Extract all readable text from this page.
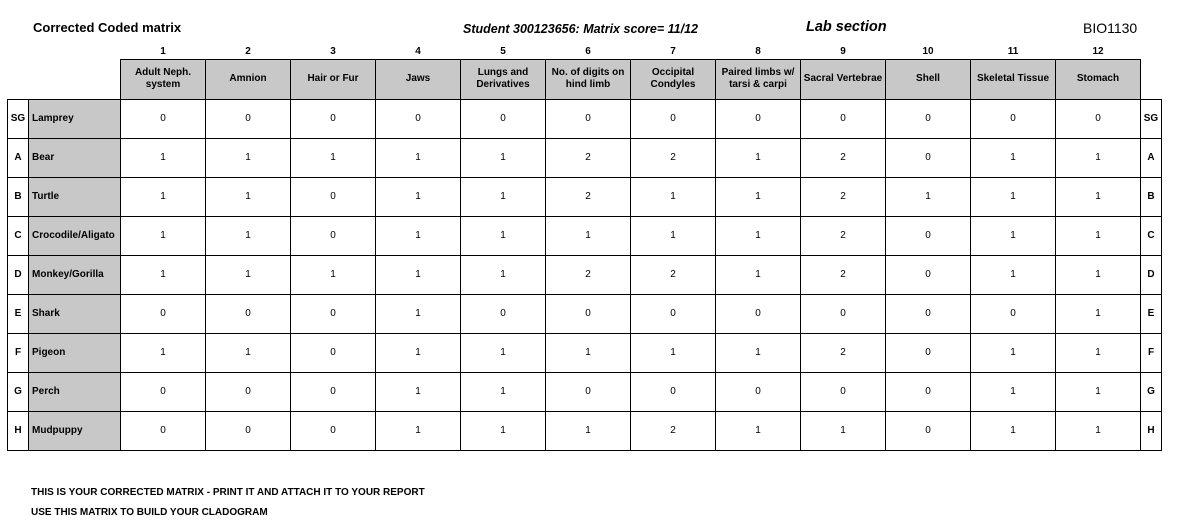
Corrected Coded matrix	Student 300123656: Matrix score= 11/12	Lab section	BIO1130
		1	2	3	4	5	6	7	8	9	10	11	12	
		Adult Neph. system	Amnion	Hair or Fur	Jaws	Lungs and Derivatives	No. of digits on hind limb	Occipital Condyles	Paired limbs w/ tarsi & carpi	Sacral Vertebrae	Shell	Skeletal Tissue	Stomach	
SG	Lamprey	0	0	0	0	0	0	0	0	0	0	0	0	SG
A	Bear	1	1	1	1	1	2	2	1	2	0	1	1	A
B	Turtle	1	1	0	1	1	2	1	1	2	1	1	1	B
C	Crocodile/Aligato	1	1	0	1	1	1	1	1	2	0	1	1	C
D	Monkey/Gorilla	1	1	1	1	1	2	2	1	2	0	1	1	D
E	Shark	0	0	0	1	0	0	0	0	0	0	0	1	E
F	Pigeon	1	1	0	1	1	1	1	1	2	0	1	1	F
G	Perch	0	0	0	1	1	0	0	0	0	0	1	1	G
H	Mudpuppy	0	0	0	1	1	1	2	1	1	0	1	1	H
THIS IS YOUR CORRECTED MATRIX - PRINT IT AND ATTACH IT TO YOUR REPORT
USE THIS MATRIX TO BUILD YOUR CLADOGRAM
